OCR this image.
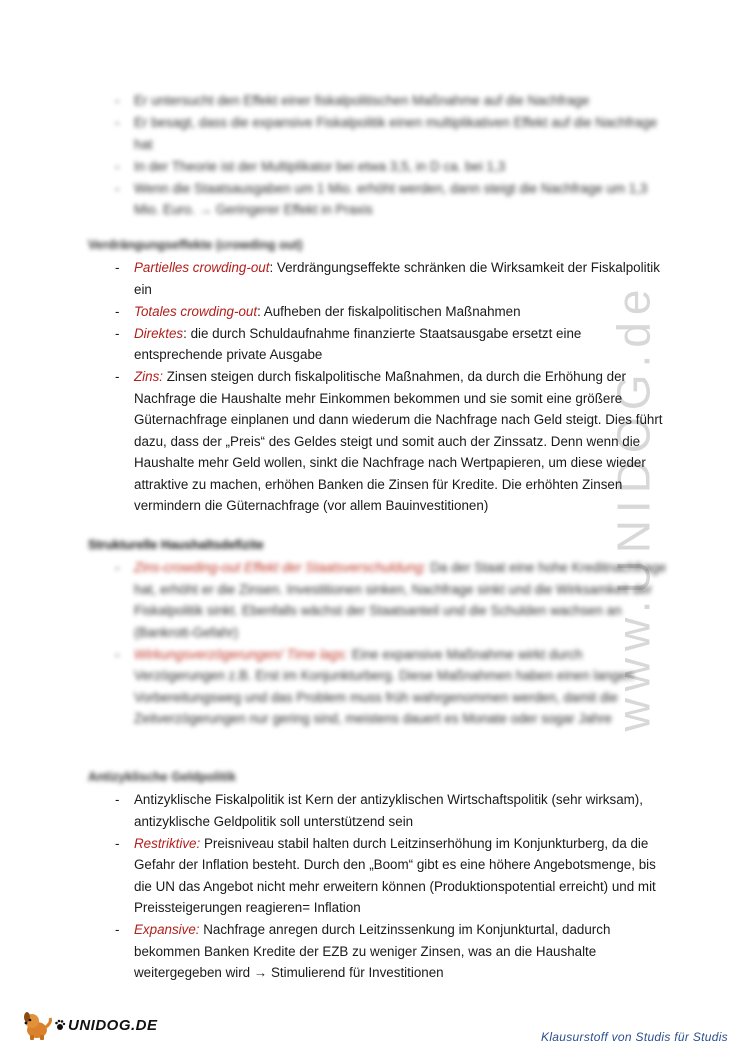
www.UNIDOG.de
- Er untersucht den Effekt einer fiskalpolitischen Maßnahme auf die Nachfrage
- Er besagt, dass die expansive Fiskalpolitik einen multiplikativen Effekt auf die Nachfrage hat
- In der Theorie ist der Multiplikator bei etwa 3,5, in D ca. bei 1,3
- Wenn die Staatsausgaben um 1 Mio. erhöht werden, dann steigt die Nachfrage um 1,3 Mio. Euro. → Geringerer Effekt in Praxis
Verdrängungseffekte (crowding out)
- Partielles crowding-out: Verdrängungseffekte schränken die Wirksamkeit der Fiskalpolitik ein
- Totales crowding-out: Aufheben der fiskalpolitischen Maßnahmen
- Direktes: die durch Schuldaufnahme finanzierte Staatsausgabe ersetzt eine entsprechende private Ausgabe
- Zins: Zinsen steigen durch fiskalpolitische Maßnahmen, da durch die Erhöhung der Nachfrage die Haushalte mehr Einkommen bekommen und sie somit eine größere Güternachfrage einplanen und dann wiederum die Nachfrage nach Geld steigt. Dies führt dazu, dass der „Preis“ des Geldes steigt und somit auch der Zinssatz. Denn wenn die Haushalte mehr Geld wollen, sinkt die Nachfrage nach Wertpapieren, um diese wieder attraktive zu machen, erhöhen Banken die Zinsen für Kredite. Die erhöhten Zinsen vermindern die Güternachfrage (vor allem Bauinvestitionen)
Strukturelle Haushaltsdefizite
- Zins-crowding-out Effekt der Staatsverschuldung: Da der Staat eine hohe Kreditnachfrage hat, erhöht er die Zinsen. Investitionen sinken, Nachfrage sinkt und die Wirksamkeit der Fiskalpolitik sinkt. Ebenfalls wächst der Staatsanteil und die Schulden wachsen an (Bankrott-Gefahr)
- Wirkungsverzögerungen/ Time lags: Eine expansive Maßnahme wirkt durch Verzögerungen z.B. Erst im Konjunkturberg. Diese Maßnahmen haben einen langen Vorbereitungsweg und das Problem muss früh wahrgenommen werden, damit die Zeitverzögerungen nur gering sind, meistens dauert es Monate oder sogar Jahre
Antizyklische Geldpolitik
- Antizyklische Fiskalpolitik ist Kern der antizyklischen Wirtschaftspolitik (sehr wirksam), antizyklische Geldpolitik soll unterstützend sein
- Restriktive: Preisniveau stabil halten durch Leitzinserhöhung im Konjunkturberg, da die Gefahr der Inflation besteht. Durch den „Boom“ gibt es eine höhere Angebotsmenge, bis die UN das Angebot nicht mehr erweitern können (Produktionspotential erreicht) und mit Preissteigerungen reagieren= Inflation
- Expansive: Nachfrage anregen durch Leitzinssenkung im Konjunkturtal, dadurch bekommen Banken Kredite der EZB zu weniger Zinsen, was an die Haushalte weitergegeben wird → Stimulierend für Investitionen
UNIDOG.DE
Klausurstoff von Studis für Studis
